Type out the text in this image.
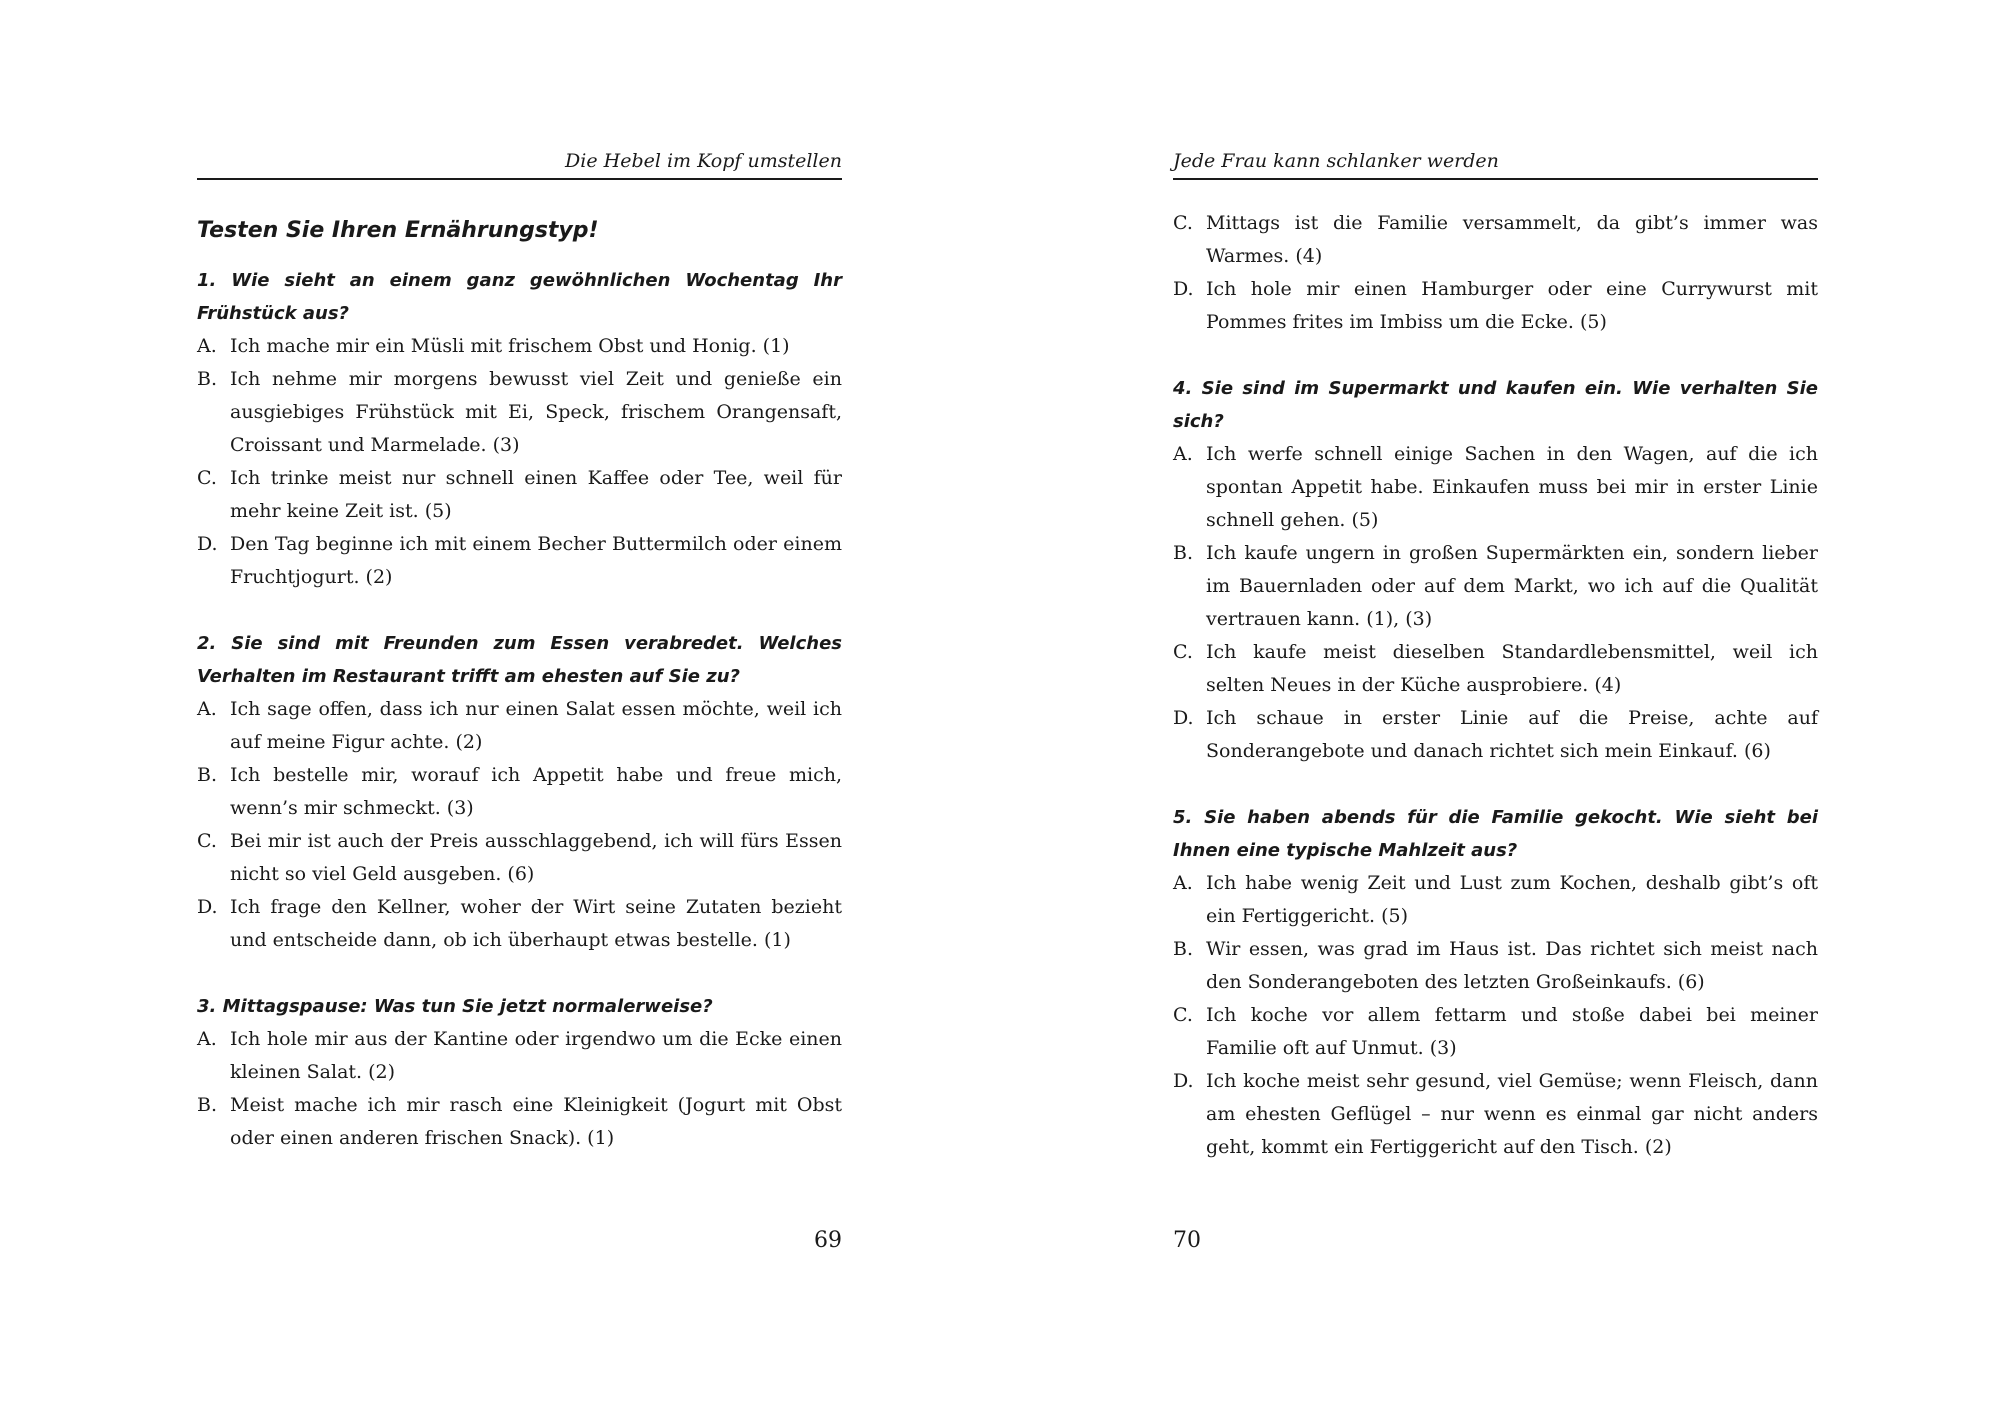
Die Hebel im Kopf umstellen
Testen Sie Ihren Ernährungstyp!

1. Wie sieht an einem ganz gewöhnlichen Wochentag Ihr Frühstück aus?

A. Ich mache mir ein Müsli mit frischem Obst und Honig. (1)
B. Ich nehme mir morgens bewusst viel Zeit und genieße ein ausgiebiges Frühstück mit Ei, Speck, frischem Orangensaft, Croissant und Marmelade. (3)
C. Ich trinke meist nur schnell einen Kaffee oder Tee, weil für mehr keine Zeit ist. (5)
D. Den Tag beginne ich mit einem Becher Buttermilch oder einem Fruchtjogurt. (2)

2. Sie sind mit Freunden zum Essen verabredet. Welches Verhalten im Restaurant trifft am ehesten auf Sie zu?

A. Ich sage offen, dass ich nur einen Salat essen möchte, weil ich auf meine Figur achte. (2)
B. Ich bestelle mir, worauf ich Appetit habe und freue mich, wenn’s mir schmeckt. (3)
C. Bei mir ist auch der Preis ausschlaggebend, ich will fürs Essen nicht so viel Geld ausgeben. (6)
D. Ich frage den Kellner, woher der Wirt seine Zutaten bezieht und entscheide dann, ob ich überhaupt etwas bestelle. (1)

3. Mittagspause: Was tun Sie jetzt normalerweise?

A. Ich hole mir aus der Kantine oder irgendwo um die Ecke einen kleinen Salat. (2)
B. Meist mache ich mir rasch eine Kleinigkeit (Jogurt mit Obst oder einen anderen frischen Snack). (1)
69
Jede Frau kann schlanker werden
C. Mittags ist die Familie versammelt, da gibt’s immer was Warmes. (4)
D. Ich hole mir einen Hamburger oder eine Currywurst mit Pommes frites im Imbiss um die Ecke. (5)

4. Sie sind im Supermarkt und kaufen ein. Wie verhalten Sie sich?

A. Ich werfe schnell einige Sachen in den Wagen, auf die ich spontan Appetit habe. Einkaufen muss bei mir in erster Linie schnell gehen. (5)
B. Ich kaufe ungern in großen Supermärkten ein, sondern lieber im Bauernladen oder auf dem Markt, wo ich auf die Qualität vertrauen kann. (1), (3)
C. Ich kaufe meist dieselben Standardlebensmittel, weil ich selten Neues in der Küche ausprobiere. (4)
D. Ich schaue in erster Linie auf die Preise, achte auf Sonderangebote und danach richtet sich mein Einkauf. (6)

5. Sie haben abends für die Familie gekocht. Wie sieht bei Ihnen eine typische Mahlzeit aus?

A. Ich habe wenig Zeit und Lust zum Kochen, deshalb gibt’s oft ein Fertiggericht. (5)
B. Wir essen, was grad im Haus ist. Das richtet sich meist nach den Sonderangeboten des letzten Großeinkaufs. (6)
C. Ich koche vor allem fettarm und stoße dabei bei meiner Familie oft auf Unmut. (3)
D. Ich koche meist sehr gesund, viel Gemüse; wenn Fleisch, dann am ehesten Geflügel – nur wenn es einmal gar nicht anders geht, kommt ein Fertiggericht auf den Tisch. (2)
70
